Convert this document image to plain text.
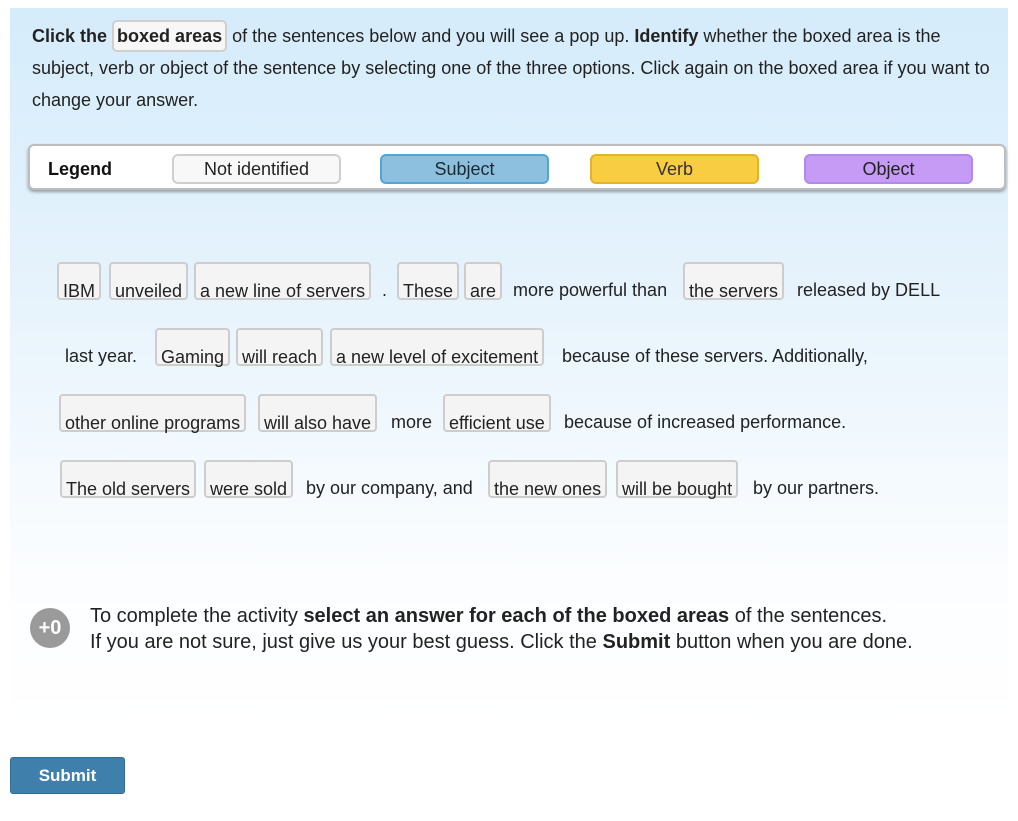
Click the boxed areas of the sentences below and you will see a pop up. Identify whether the boxed area is the subject, verb or object of the sentence by selecting one of the three options. Click again on the boxed area if you want to change your answer.
Legend	Not identified	Subject	Verb	Object
IBM	unveiled a new line of servers . These are more powerful than	the servers	released by DELL
last year.	Gaming will reach	a new level of excitement	because of these servers. Additionally,
other online programs	will also have	more efficient use	because of increased performance.
The old servers	were sold	by our company, and	the new ones	will be bought	by our partners.
+0
To complete the activity select an answer for each of the boxed areas of the sentences.
If you are not sure, just give us your best guess. Click the Submit button when you are done.
Submit
